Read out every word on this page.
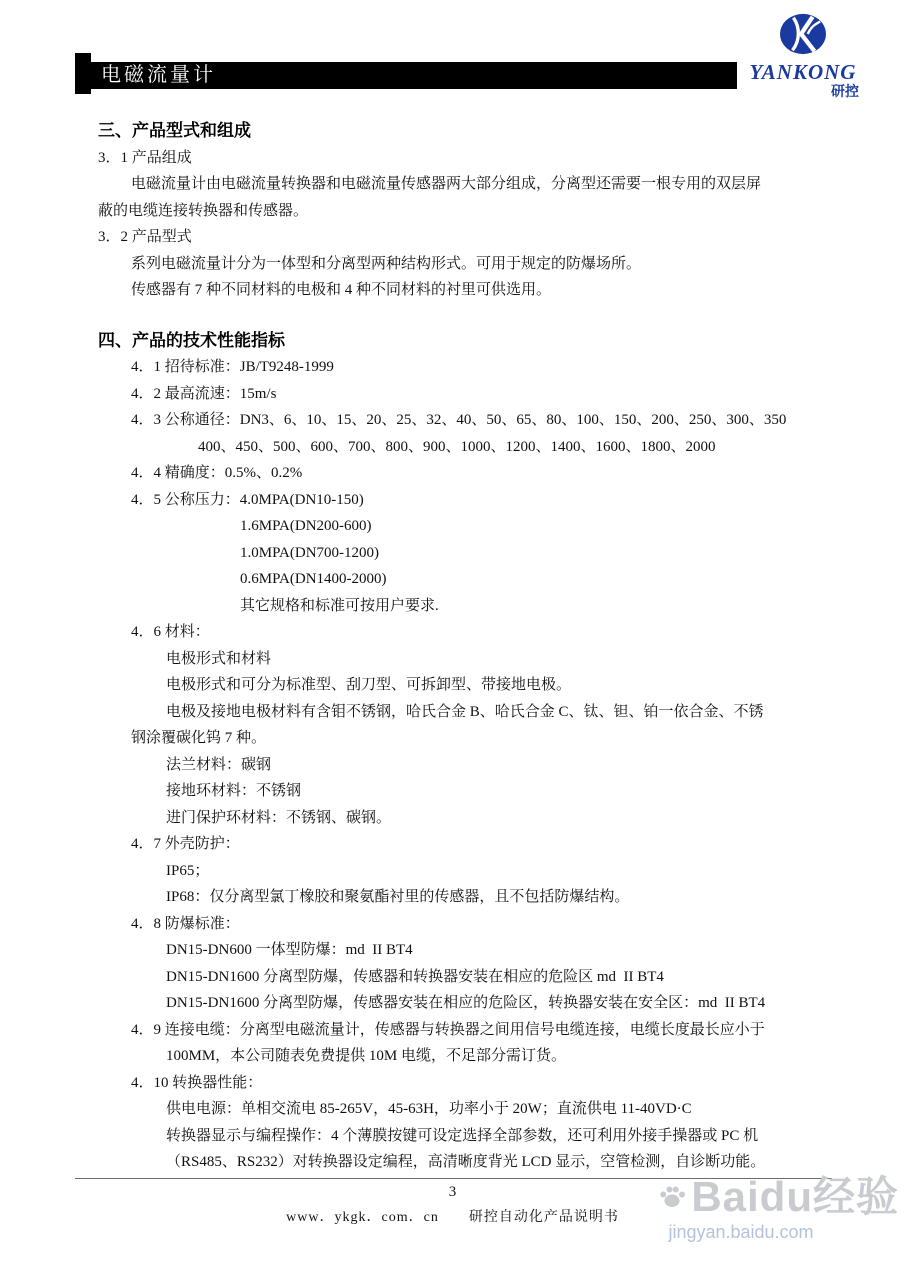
电磁流量计	YANKONG
研控
三、产品型式和组成
3．1 产品组成
电磁流量计由电磁流量转换器和电磁流量传感器两大部分组成，分离型还需要一根专用的双层屏
蔽的电缆连接转换器和传感器。
3．2 产品型式
系列电磁流量计分为一体型和分离型两种结构形式。可用于规定的防爆场所。
传感器有 7 种不同材料的电极和 4 种不同材料的衬里可供选用。
四、产品的技术性能指标
4．1 招待标准：JB/T9248-1999
4．2 最高流速：15m/s
4．3 公称通径：DN3、6、10、15、20、25、32、40、50、65、80、100、150、200、250、300、350
400、450、500、600、700、800、900、1000、1200、1400、1600、1800、2000
4．4 精确度：0.5%、0.2%
4．5 公称压力：4.0MPA(DN10-150)
1.6MPA(DN200-600)
1.0MPA(DN700-1200)
0.6MPA(DN1400-2000)
其它规格和标准可按用户要求.
4．6 材料：
电极形式和材料
电极形式和可分为标准型、刮刀型、可拆卸型、带接地电极。
电极及接地电极材料有含钼不锈钢，哈氏合金 B、哈氏合金 C、钛、钽、铂一依合金、不锈
钢涂覆碳化钨 7 种。
法兰材料：碳钢
接地环材料：不锈钢
进门保护环材料：不锈钢、碳钢。
4．7 外壳防护：
IP65；
IP68：仅分离型氯丁橡胶和聚氨酯衬里的传感器，且不包括防爆结构。
4．8 防爆标准：
DN15-DN600 一体型防爆：md  II BT4
DN15-DN1600 分离型防爆，传感器和转换器安装在相应的危险区 md  II BT4
DN15-DN1600 分离型防爆，传感器安装在相应的危险区，转换器安装在安全区：md  II BT4
4．9 连接电缆：分离型电磁流量计，传感器与转换器之间用信号电缆连接，电缆长度最长应小于
100MM，本公司随表免费提供 10M 电缆，不足部分需订货。
4．10 转换器性能：
供电电源：单相交流电 85-265V，45-63H，功率小于 20W；直流供电 11-40VD·C
转换器显示与编程操作：4 个薄膜按键可设定选择全部参数，还可利用外接手操器或 PC 机
（RS485、RS232）对转换器设定编程，高清晰度背光 LCD 显示，空管检测，自诊断功能。
3
www．ykgk．com．cn 研控自动化产品说明书	Baidu经验
jingyan.baidu.com
